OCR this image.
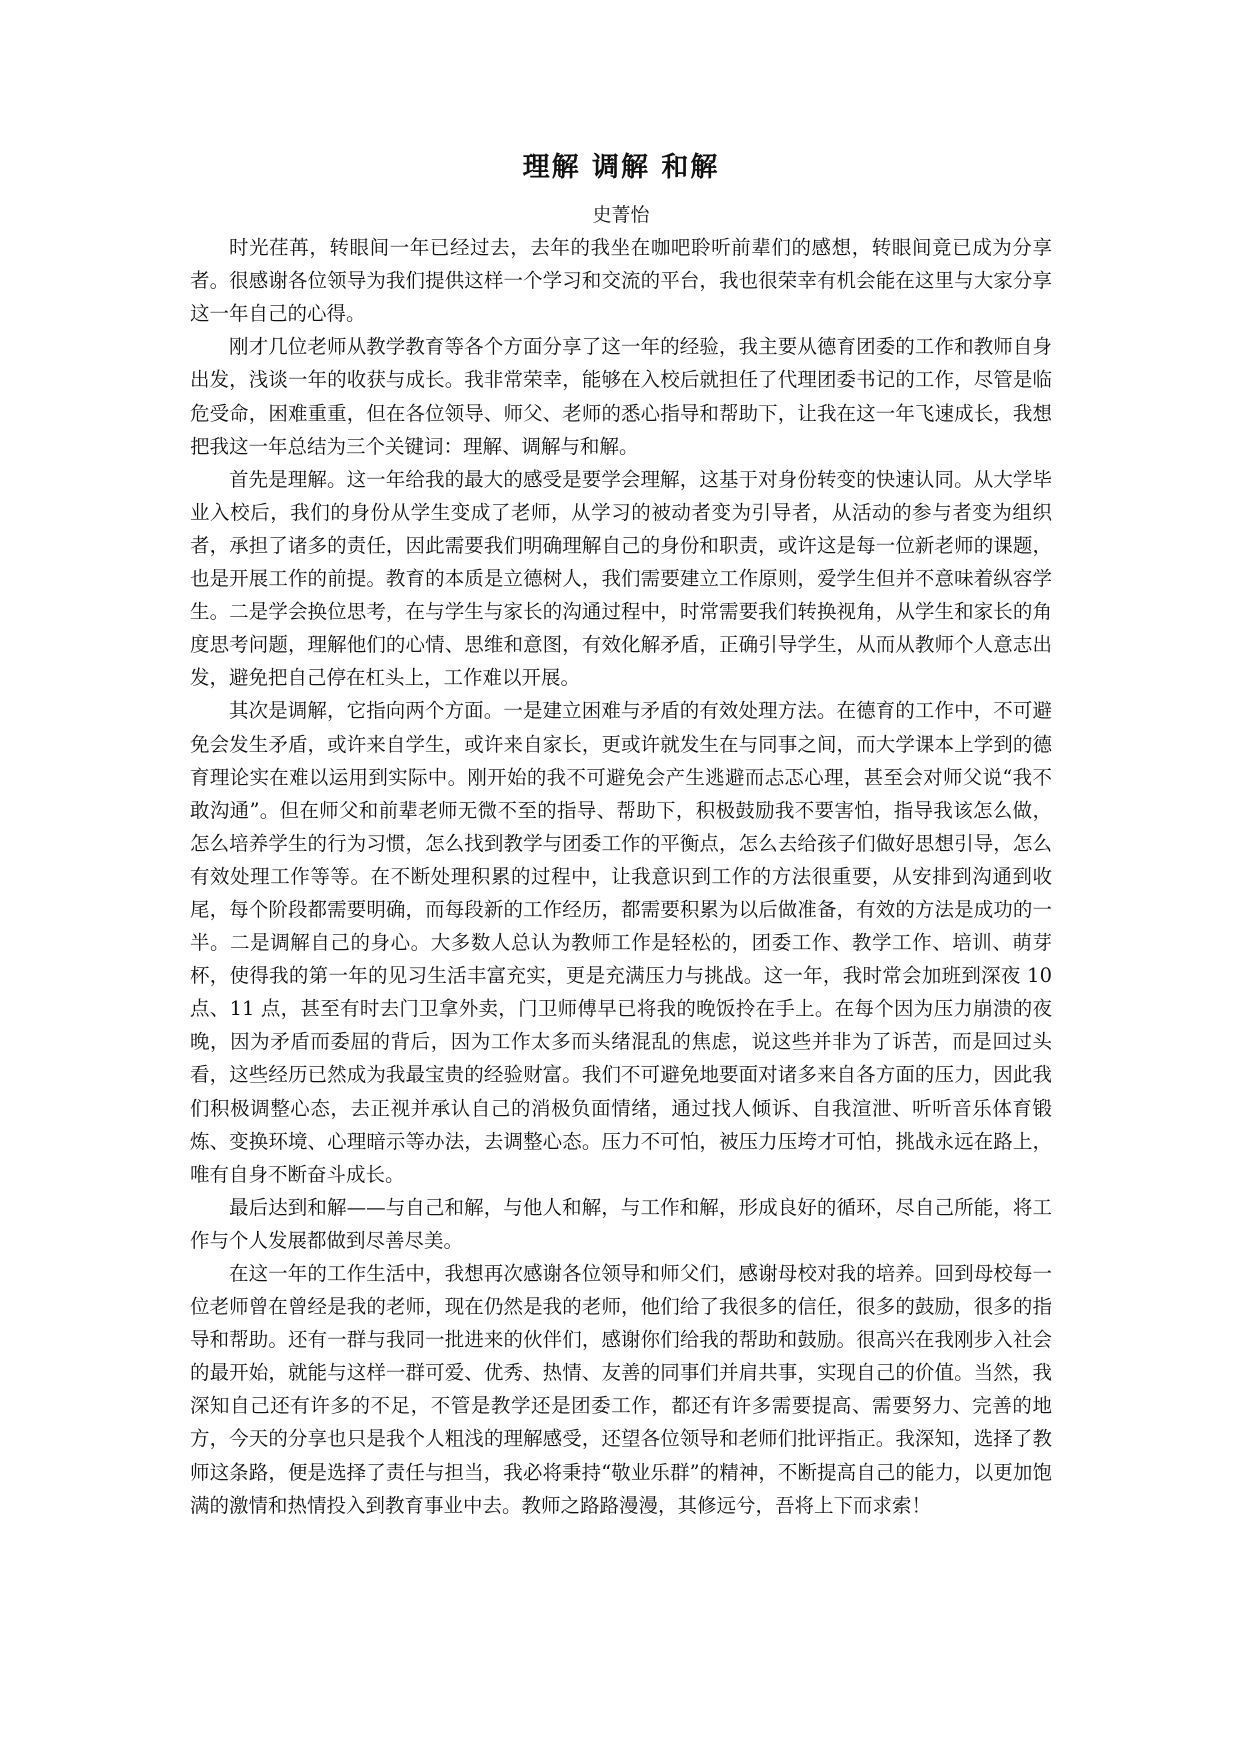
理解 调解 和解
史菁怡

时光荏苒，转眼间一年已经过去，去年的我坐在咖吧聆听前辈们的感想，转眼间竟已成为分享者。很感谢各位领导为我们提供这样一个学习和交流的平台，我也很荣幸有机会能在这里与大家分享这一年自己的心得。

刚才几位老师从教学教育等各个方面分享了这一年的经验，我主要从德育团委的工作和教师自身出发，浅谈一年的收获与成长。我非常荣幸，能够在入校后就担任了代理团委书记的工作，尽管是临危受命，困难重重，但在各位领导、师父、老师的悉心指导和帮助下，让我在这一年飞速成长，我想把我这一年总结为三个关键词：理解、调解与和解。

首先是理解。这一年给我的最大的感受是要学会理解，这基于对身份转变的快速认同。从大学毕业入校后，我们的身份从学生变成了老师，从学习的被动者变为引导者，从活动的参与者变为组织者，承担了诸多的责任，因此需要我们明确理解自己的身份和职责，或许这是每一位新老师的课题，也是开展工作的前提。教育的本质是立德树人，我们需要建立工作原则，爱学生但并不意味着纵容学生。二是学会换位思考，在与学生与家长的沟通过程中，时常需要我们转换视角，从学生和家长的角度思考问题，理解他们的心情、思维和意图，有效化解矛盾，正确引导学生，从而从教师个人意志出发，避免把自己停在杠头上，工作难以开展。

其次是调解，它指向两个方面。一是建立困难与矛盾的有效处理方法。在德育的工作中，不可避免会发生矛盾，或许来自学生，或许来自家长，更或许就发生在与同事之间，而大学课本上学到的德育理论实在难以运用到实际中。刚开始的我不可避免会产生逃避而忐忑心理，甚至会对师父说“我不敢沟通”。但在师父和前辈老师无微不至的指导、帮助下，积极鼓励我不要害怕，指导我该怎么做，怎么培养学生的行为习惯，怎么找到教学与团委工作的平衡点，怎么去给孩子们做好思想引导，怎么有效处理工作等等。在不断处理积累的过程中，让我意识到工作的方法很重要，从安排到沟通到收尾，每个阶段都需要明确，而每段新的工作经历，都需要积累为以后做准备，有效的方法是成功的一半。二是调解自己的身心。大多数人总认为教师工作是轻松的，团委工作、教学工作、培训、萌芽杯，使得我的第一年的见习生活丰富充实，更是充满压力与挑战。这一年，我时常会加班到深夜 10 点、11 点，甚至有时去门卫拿外卖，门卫师傅早已将我的晚饭拎在手上。在每个因为压力崩溃的夜晚，因为矛盾而委屈的背后，因为工作太多而头绪混乱的焦虑，说这些并非为了诉苦，而是回过头看，这些经历已然成为我最宝贵的经验财富。我们不可避免地要面对诸多来自各方面的压力，因此我们积极调整心态，去正视并承认自己的消极负面情绪，通过找人倾诉、自我渲泄、听听音乐体育锻炼、变换环境、心理暗示等办法，去调整心态。压力不可怕，被压力压垮才可怕，挑战永远在路上，唯有自身不断奋斗成长。

最后达到和解——与自己和解，与他人和解，与工作和解，形成良好的循环，尽自己所能，将工作与个人发展都做到尽善尽美。

在这一年的工作生活中，我想再次感谢各位领导和师父们，感谢母校对我的培养。回到母校每一位老师曾在曾经是我的老师，现在仍然是我的老师，他们给了我很多的信任，很多的鼓励，很多的指导和帮助。还有一群与我同一批进来的伙伴们，感谢你们给我的帮助和鼓励。很高兴在我刚步入社会的最开始，就能与这样一群可爱、优秀、热情、友善的同事们并肩共事，实现自己的价值。当然，我深知自己还有许多的不足，不管是教学还是团委工作，都还有许多需要提高、需要努力、完善的地方，今天的分享也只是我个人粗浅的理解感受，还望各位领导和老师们批评指正。我深知，选择了教师这条路，便是选择了责任与担当，我必将秉持“敬业乐群”的精神，不断提高自己的能力，以更加饱满的激情和热情投入到教育事业中去。教师之路路漫漫，其修远兮，吾将上下而求索！
